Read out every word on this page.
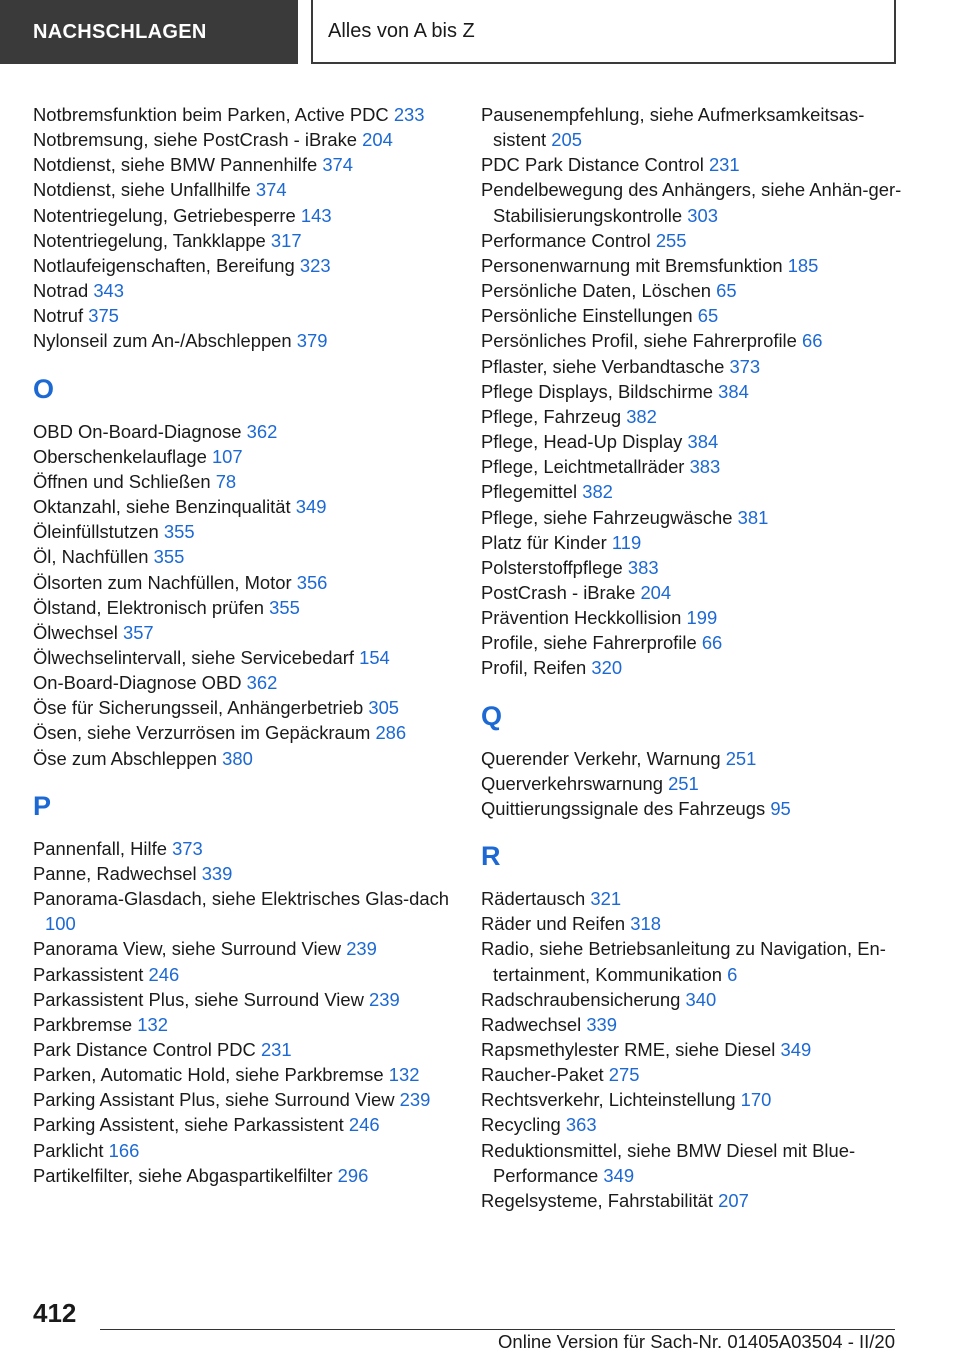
NACHSCHLAGEN	Alles von A bis Z
Notbremsfunktion beim Parken, Active PDC 233
Notbremsung, siehe PostCrash - iBrake 204
Notdienst, siehe BMW Pannenhilfe 374
Notdienst, siehe Unfallhilfe 374
Notentriegelung, Getriebesperre 143
Notentriegelung, Tankklappe 317
Notlaufeigenschaften, Bereifung 323
Notrad 343
Notruf 375
Nylonseil zum An-/Abschleppen 379
O
OBD On-Board-Diagnose 362
Oberschenkelauflage 107
Öffnen und Schließen 78
Oktanzahl, siehe Benzinqualität 349
Öleinfüllstutzen 355
Öl, Nachfüllen 355
Ölsorten zum Nachfüllen, Motor 356
Ölstand, Elektronisch prüfen 355
Ölwechsel 357
Ölwechselintervall, siehe Servicebedarf 154
On-Board-Diagnose OBD 362
Öse für Sicherungsseil, Anhängerbetrieb 305
Ösen, siehe Verzurrösen im Gepäckraum 286
Öse zum Abschleppen 380
P
Pannenfall, Hilfe 373
Panne, Radwechsel 339
Panorama-Glasdach, siehe Elektrisches Glas-dach 100
Panorama View, siehe Surround View 239
Parkassistent 246
Parkassistent Plus, siehe Surround View 239
Parkbremse 132
Park Distance Control PDC 231
Parken, Automatic Hold, siehe Parkbremse 132
Parking Assistant Plus, siehe Surround View 239
Parking Assistent, siehe Parkassistent 246
Parklicht 166
Partikelfilter, siehe Abgaspartikelfilter 296
Pausenempfehlung, siehe Aufmerksamkeitsas-sistent 205
PDC Park Distance Control 231
Pendelbewegung des Anhängers, siehe Anhän-ger-Stabilisierungskontrolle 303
Performance Control 255
Personenwarnung mit Bremsfunktion 185
Persönliche Daten, Löschen 65
Persönliche Einstellungen 65
Persönliches Profil, siehe Fahrerprofile 66
Pflaster, siehe Verbandtasche 373
Pflege Displays, Bildschirme 384
Pflege, Fahrzeug 382
Pflege, Head-Up Display 384
Pflege, Leichtmetallräder 383
Pflegemittel 382
Pflege, siehe Fahrzeugwäsche 381
Platz für Kinder 119
Polsterstoffpflege 383
PostCrash - iBrake 204
Prävention Heckkollision 199
Profile, siehe Fahrerprofile 66
Profil, Reifen 320
Q
Querender Verkehr, Warnung 251
Querverkehrswarnung 251
Quittierungssignale des Fahrzeugs 95
R
Rädertausch 321
Räder und Reifen 318
Radio, siehe Betriebsanleitung zu Navigation, En-tertainment, Kommunikation 6
Radschraubensicherung 340
Radwechsel 339
Rapsmethylester RME, siehe Diesel 349
Raucher-Paket 275
Rechtsverkehr, Lichteinstellung 170
Recycling 363
Reduktionsmittel, siehe BMW Diesel mit Blue-Performance 349
Regelsysteme, Fahrstabilität 207
412
Online Version für Sach-Nr. 01405A03504 - II/20
